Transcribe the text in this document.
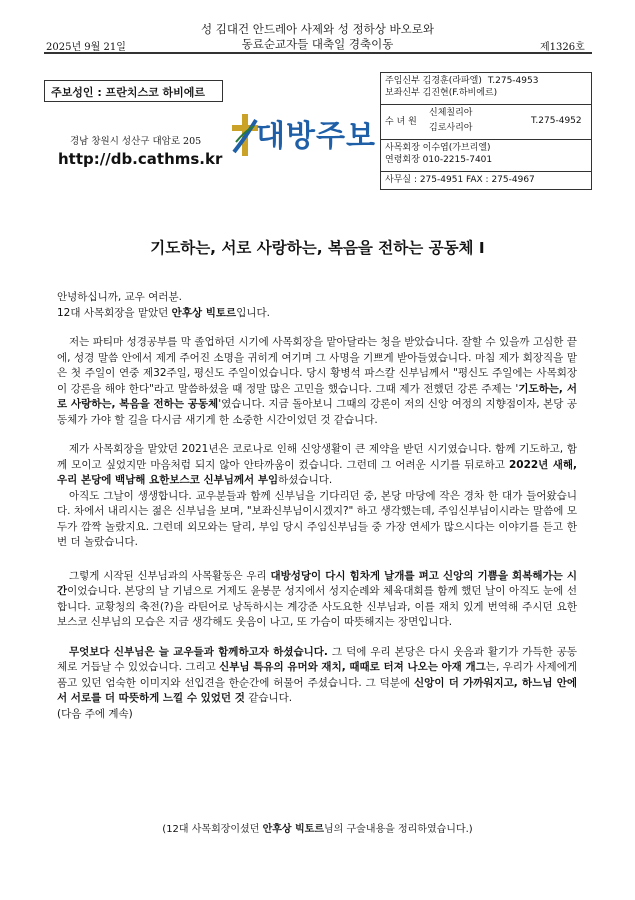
성 김대건 안드레아 사제와 성 정하상 바오로와
동료순교자들 대축일 경축이동
2025년 9월 21일	제1326호
주보성인 : 프란치스코 하비에르
경남 창원시 성산구 대암로 205
http://db.cathms.kr
대방주보
주임신부 김경훈(라파엘) T.275-4953
보좌신부 김진현(F.하비에르)
수 녀 원
신체칠리아
김로사리아
T.275-4952
사목회장 이수엽(가브리엘)
연령회장 010-2215-7401
사무실 : 275-4951 FAX : 275-4967
기도하는, 서로 사랑하는, 복음을 전하는 공동체 Ⅰ

안녕하십니까, 교우 여러분.

12대 사목회장을 맡았던 안후상 빅토르입니다.

저는 파티마 성경공부를 막 졸업하던 시기에 사목회장을 맡아달라는 청을 받았습니다. 잘할 수 있을까 고심한 끝에, 성경 말씀 안에서 제게 주어진 소명을 귀히게 여기며 그 사명을 기쁘게 받아들였습니다. 마침 제가 회장직을 맡은 첫 주일이 연중 제32주일, 평신도 주일이었습니다. 당시 황병석 파스칼 신부님께서 "평신도 주일에는 사목회장이 강론을 해야 한다"라고 말씀하셨을 때 정말 많은 고민을 했습니다. 그때 제가 전했던 강론 주제는 '기도하는, 서로 사랑하는, 복음을 전하는 공동체'였습니다. 지금 돌아보니 그때의 강론이 저의 신앙 여정의 지향점이자, 본당 공동체가 가야 할 길을 다시금 새기게 한 소중한 시간이었던 것 같습니다.

제가 사목회장을 맡았던 2021년은 코로나로 인해 신앙생활이 큰 제약을 받던 시기였습니다. 함께 기도하고, 함께 모이고 싶었지만 마음처럼 되지 않아 안타까움이 컸습니다. 그런데 그 어려운 시기를 뒤로하고 2022년 새해, 우리 본당에 백남해 요한보스코 신부님께서 부임하셨습니다.

아직도 그날이 생생합니다. 교우분들과 함께 신부님을 기다리던 중, 본당 마당에 작은 경차 한 대가 들어왔습니다. 차에서 내리시는 젊은 신부님을 보며, "보좌신부님이시겠지?" 하고 생각했는데, 주임신부님이시라는 말씀에 모두가 깜짝 놀랐지요. 그런데 외모와는 달리, 부임 당시 주임신부님들 중 가장 연세가 많으시다는 이야기를 듣고 한 번 더 놀랐습니다.

그렇게 시작된 신부님과의 사목활동은 우리 대방성당이 다시 힘차게 날개를 펴고 신앙의 기쁨을 회복해가는 시간이었습니다. 본당의 날 기념으로 거제도 윤봉문 성지에서 성지순례와 체육대회를 함께 했던 날이 아직도 눈에 선합니다. 교황청의 축전(?)을 라틴어로 낭독하시는 계강준 사도요한 신부님과, 이를 재치 있게 번역해 주시던 요한보스코 신부님의 모습은 지금 생각해도 웃음이 나고, 또 가슴이 따뜻해지는 장면입니다.

무엇보다 신부님은 늘 교우들과 함께하고자 하셨습니다. 그 덕에 우리 본당은 다시 웃음과 활기가 가득한 공동체로 거듭날 수 있었습니다. 그리고 신부님 특유의 유머와 재치, 때때로 터져 나오는 아재 개그는, 우리가 사제에게 품고 있던 엄숙한 이미지와 선입견을 한순간에 허물어 주셨습니다. 그 덕분에 신앙이 더 가까워지고, 하느님 안에서 서로를 더 따뜻하게 느낄 수 있었던 것 같습니다.

(다음 주에 계속)

(12대 사목회장이셨던 안후상 빅토르님의 구술내용을 정리하였습니다.)
